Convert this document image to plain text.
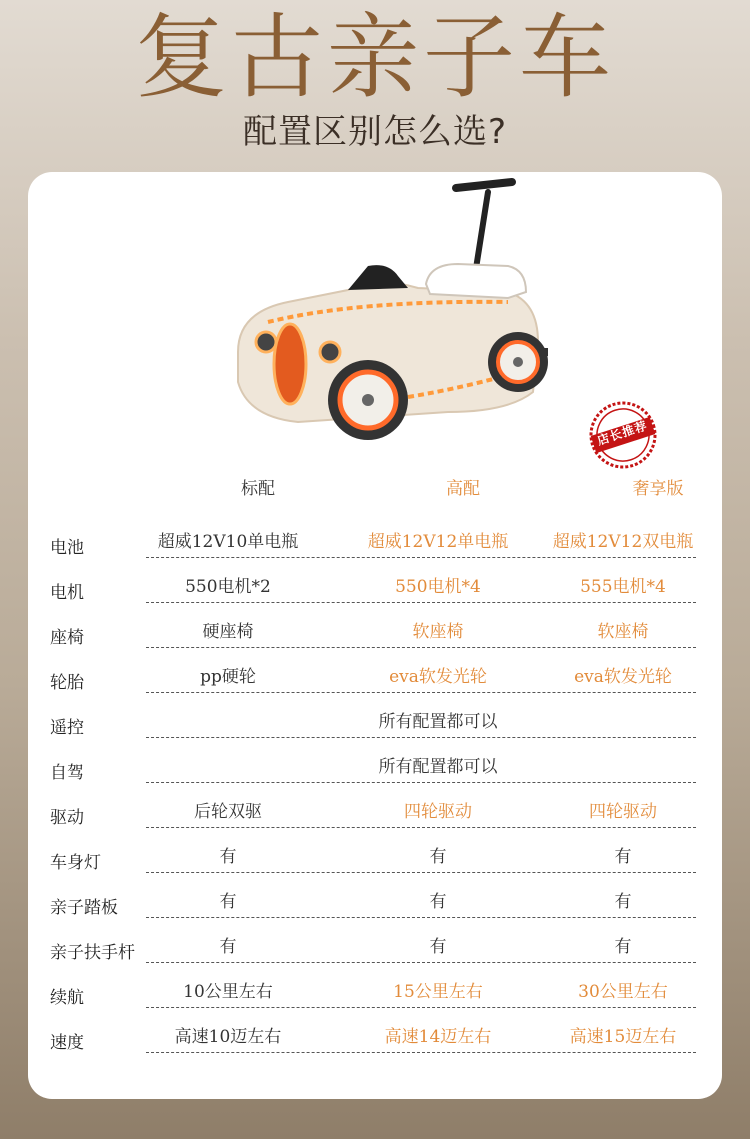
复古亲子车
配置区别怎么选?
店长推荐
标配	高配	奢享版
电池	超威12V10单电瓶	超威12V12单电瓶	超威12V12双电瓶
电机	550电机*2	550电机*4	555电机*4
座椅	硬座椅	软座椅	软座椅
轮胎	pp硬轮	eva软发光轮	eva软发光轮
遥控	所有配置都可以
自驾	所有配置都可以
驱动	后轮双驱	四轮驱动	四轮驱动
车身灯	有	有	有
亲子踏板	有	有	有
亲子扶手杆	有	有	有
续航	10公里左右	15公里左右	30公里左右
速度	高速10迈左右	高速14迈左右	高速15迈左右
